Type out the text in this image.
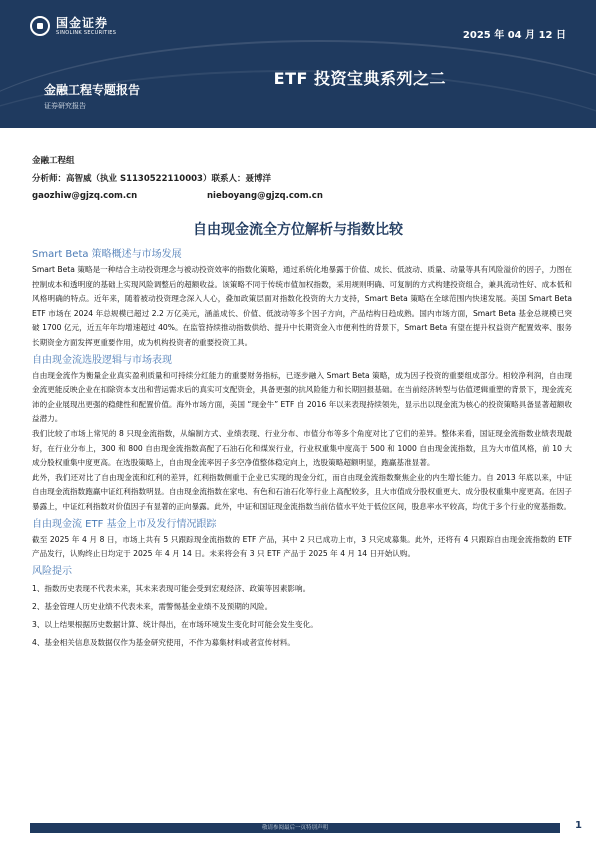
国金证券
SINOLINK SECURITIES	2025 年 04 月 12 日
ETF 投资宝典系列之二
金融工程专题报告
证券研究报告
金融工程组
分析师：高智威（执业 S1130522110003）联系人：聂博洋
gaozhiw@gjzq.com.cn	nieboyang@gjzq.com.cn
自由现金流全方位解析与指数比较
Smart Beta 策略概述与市场发展

Smart Beta 策略是一种结合主动投资理念与被动投资效率的指数化策略，通过系统化地暴露于价值、成长、低波动、质量、动量等具有风险溢价的因子，力图在控制成本和透明度的基础上实现风险调整后的超额收益。该策略不同于传统市值加权指数，采用规则明确、可复制的方式构建投资组合，兼具流动性好、成本低和风格明确的特点。近年来，随着被动投资理念深入人心，叠加政策层面对指数化投资的大力支持，Smart Beta 策略在全球范围内快速发展。美国 Smart Beta ETF 市场在 2024 年总规模已超过 2.2 万亿美元，涵盖成长、价值、低波动等多个因子方向，产品结构日趋成熟。国内市场方面，Smart Beta 基金总规模已突破 1700 亿元，近五年年均增速超过 40%。在监管持续推动指数供给、提升中长期资金入市便利性的背景下，Smart Beta 有望在提升权益资产配置效率、服务长期资金方面发挥更重要作用，成为机构投资者的重要投资工具。

自由现金流选股逻辑与市场表现

自由现金流作为衡量企业真实盈利质量和可持续分红能力的重要财务指标，已逐步融入 Smart Beta 策略，成为因子投资的重要组成部分。相较净利润，自由现金流更能反映企业在扣除资本支出和营运需求后的真实可支配资金，具备更强的抗风险能力和长期回报基础。在当前经济转型与估值逻辑重塑的背景下，现金流充沛的企业展现出更强的稳健性和配置价值。海外市场方面，美国 “现金牛” ETF 自 2016 年以来表现持续领先，显示出以现金流为核心的投资策略具备显著超额收益潜力。

我们比较了市场上常见的 8 只现金流指数，从编制方式、业绩表现、行业分布、市值分布等多个角度对比了它们的差异。整体来看，国证现金流指数业绩表现最好，在行业分布上，300 和 800 自由现金流指数高配了石油石化和煤炭行业，行业权重集中度高于 500 和 1000 自由现金流指数，且为大市值风格，前 10 大成分股权重集中度更高。在选股策略上，自由现金流率因子多空净值整体稳定向上，选股策略超额明显，跑赢基准显著。

此外，我们还对比了自由现金流和红利的差异，红利指数侧重于企业已实现的现金分红，而自由现金流指数聚焦企业的内生增长能力。自 2013 年底以来，中证自由现金流指数跑赢中证红利指数明显。自由现金流指数在家电、有色和石油石化等行业上高配较多，且大市值成分股权重更大、成分股权重集中度更高。在因子暴露上，中证红利指数对价值因子有显著的正向暴露。此外，中证和国证现金流指数当前估值水平处于低位区间，股息率水平较高，均优于多个行业的宽基指数。

自由现金流 ETF 基金上市及发行情况跟踪

截至 2025 年 4 月 8 日，市场上共有 5 只跟踪现金流指数的 ETF 产品，其中 2 只已成功上市，3 只完成募集。此外，还将有 4 只跟踪自由现金流指数的 ETF 产品发行，认购终止日均定于 2025 年 4 月 14 日。未来将会有 3 只 ETF 产品于 2025 年 4 月 14 日开始认购。

风险提示
1、指数历史表现不代表未来，其未来表现可能会受到宏观经济、政策等因素影响。
2、基金管理人历史业绩不代表未来，需警惕基金业绩不及预期的风险。
3、以上结果根据历史数据计算、统计得出，在市场环境发生变化时可能会发生变化。
4、基金相关信息及数据仅作为基金研究使用，不作为募集材料或者宣传材料。
敬请参阅最后一页特别声明	1
